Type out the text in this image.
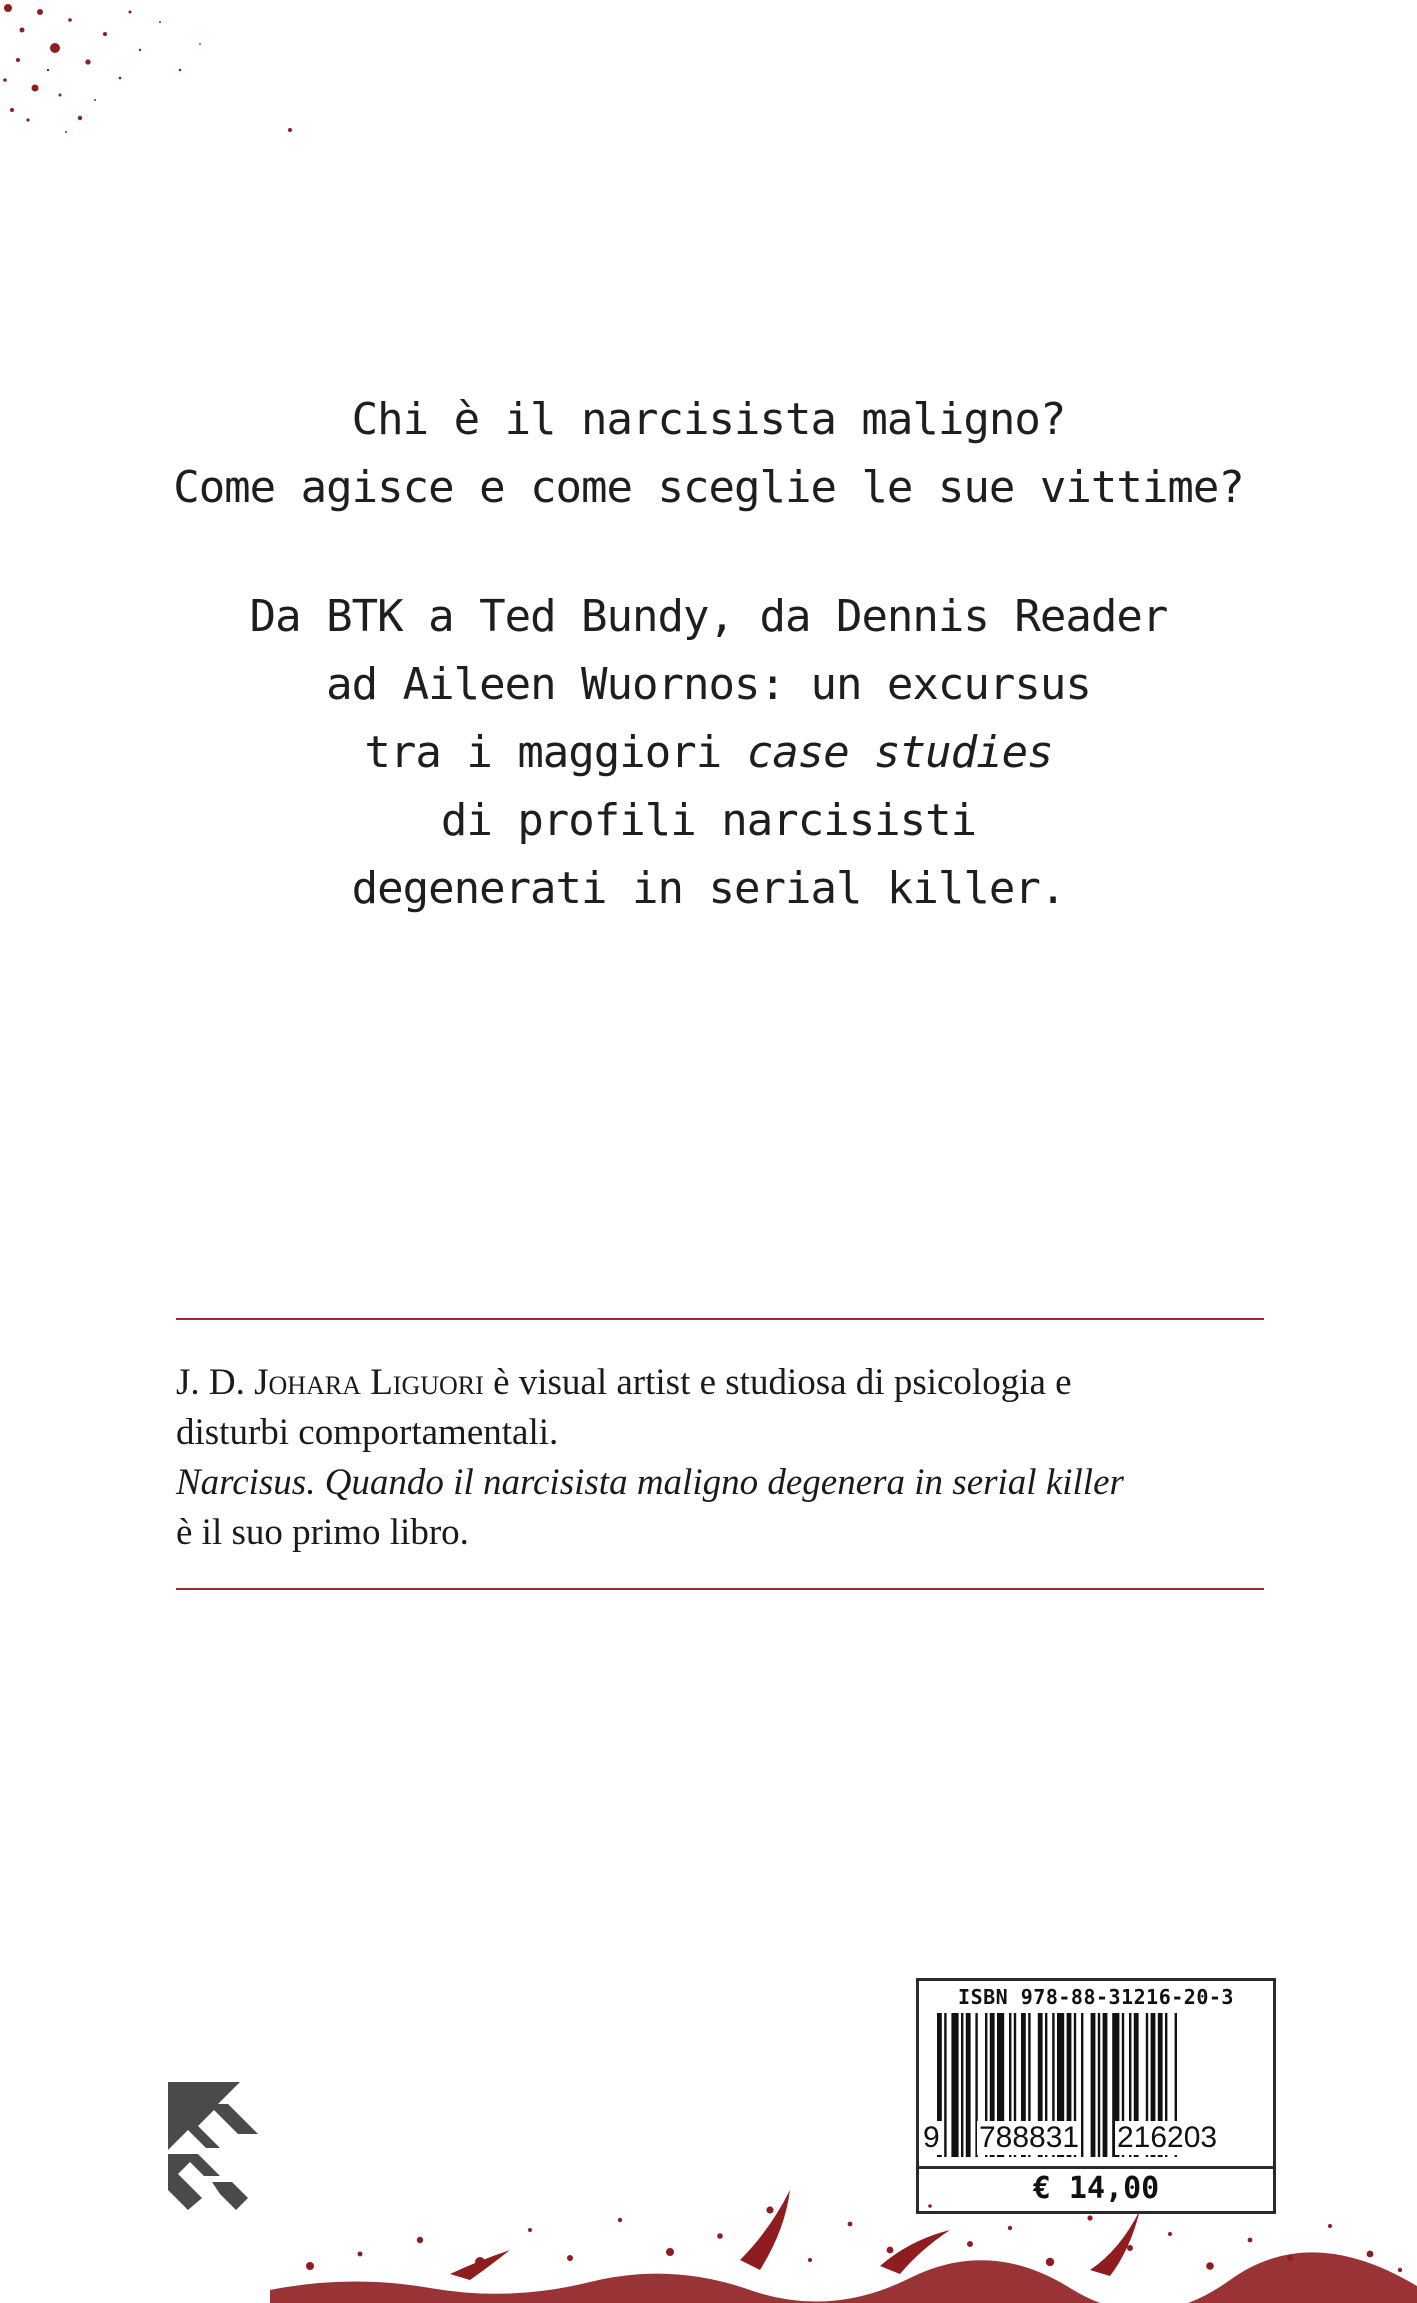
Chi è il narcisista maligno?
Come agisce e come sceglie le sue vittime?
Da BTK a Ted Bundy, da Dennis Reader
ad Aileen Wuornos: un excursus
tra i maggiori case studies
di profili narcisisti
degenerati in serial killer.
J. D. Johara Liguori è visual artist e studiosa di psicologia e
disturbi comportamentali.
Narcisus. Quando il narcisista maligno degenera in serial killer
è il suo primo libro.
ISBN 978-88-31216-20-3
9 788831 216203
€ 14,00
